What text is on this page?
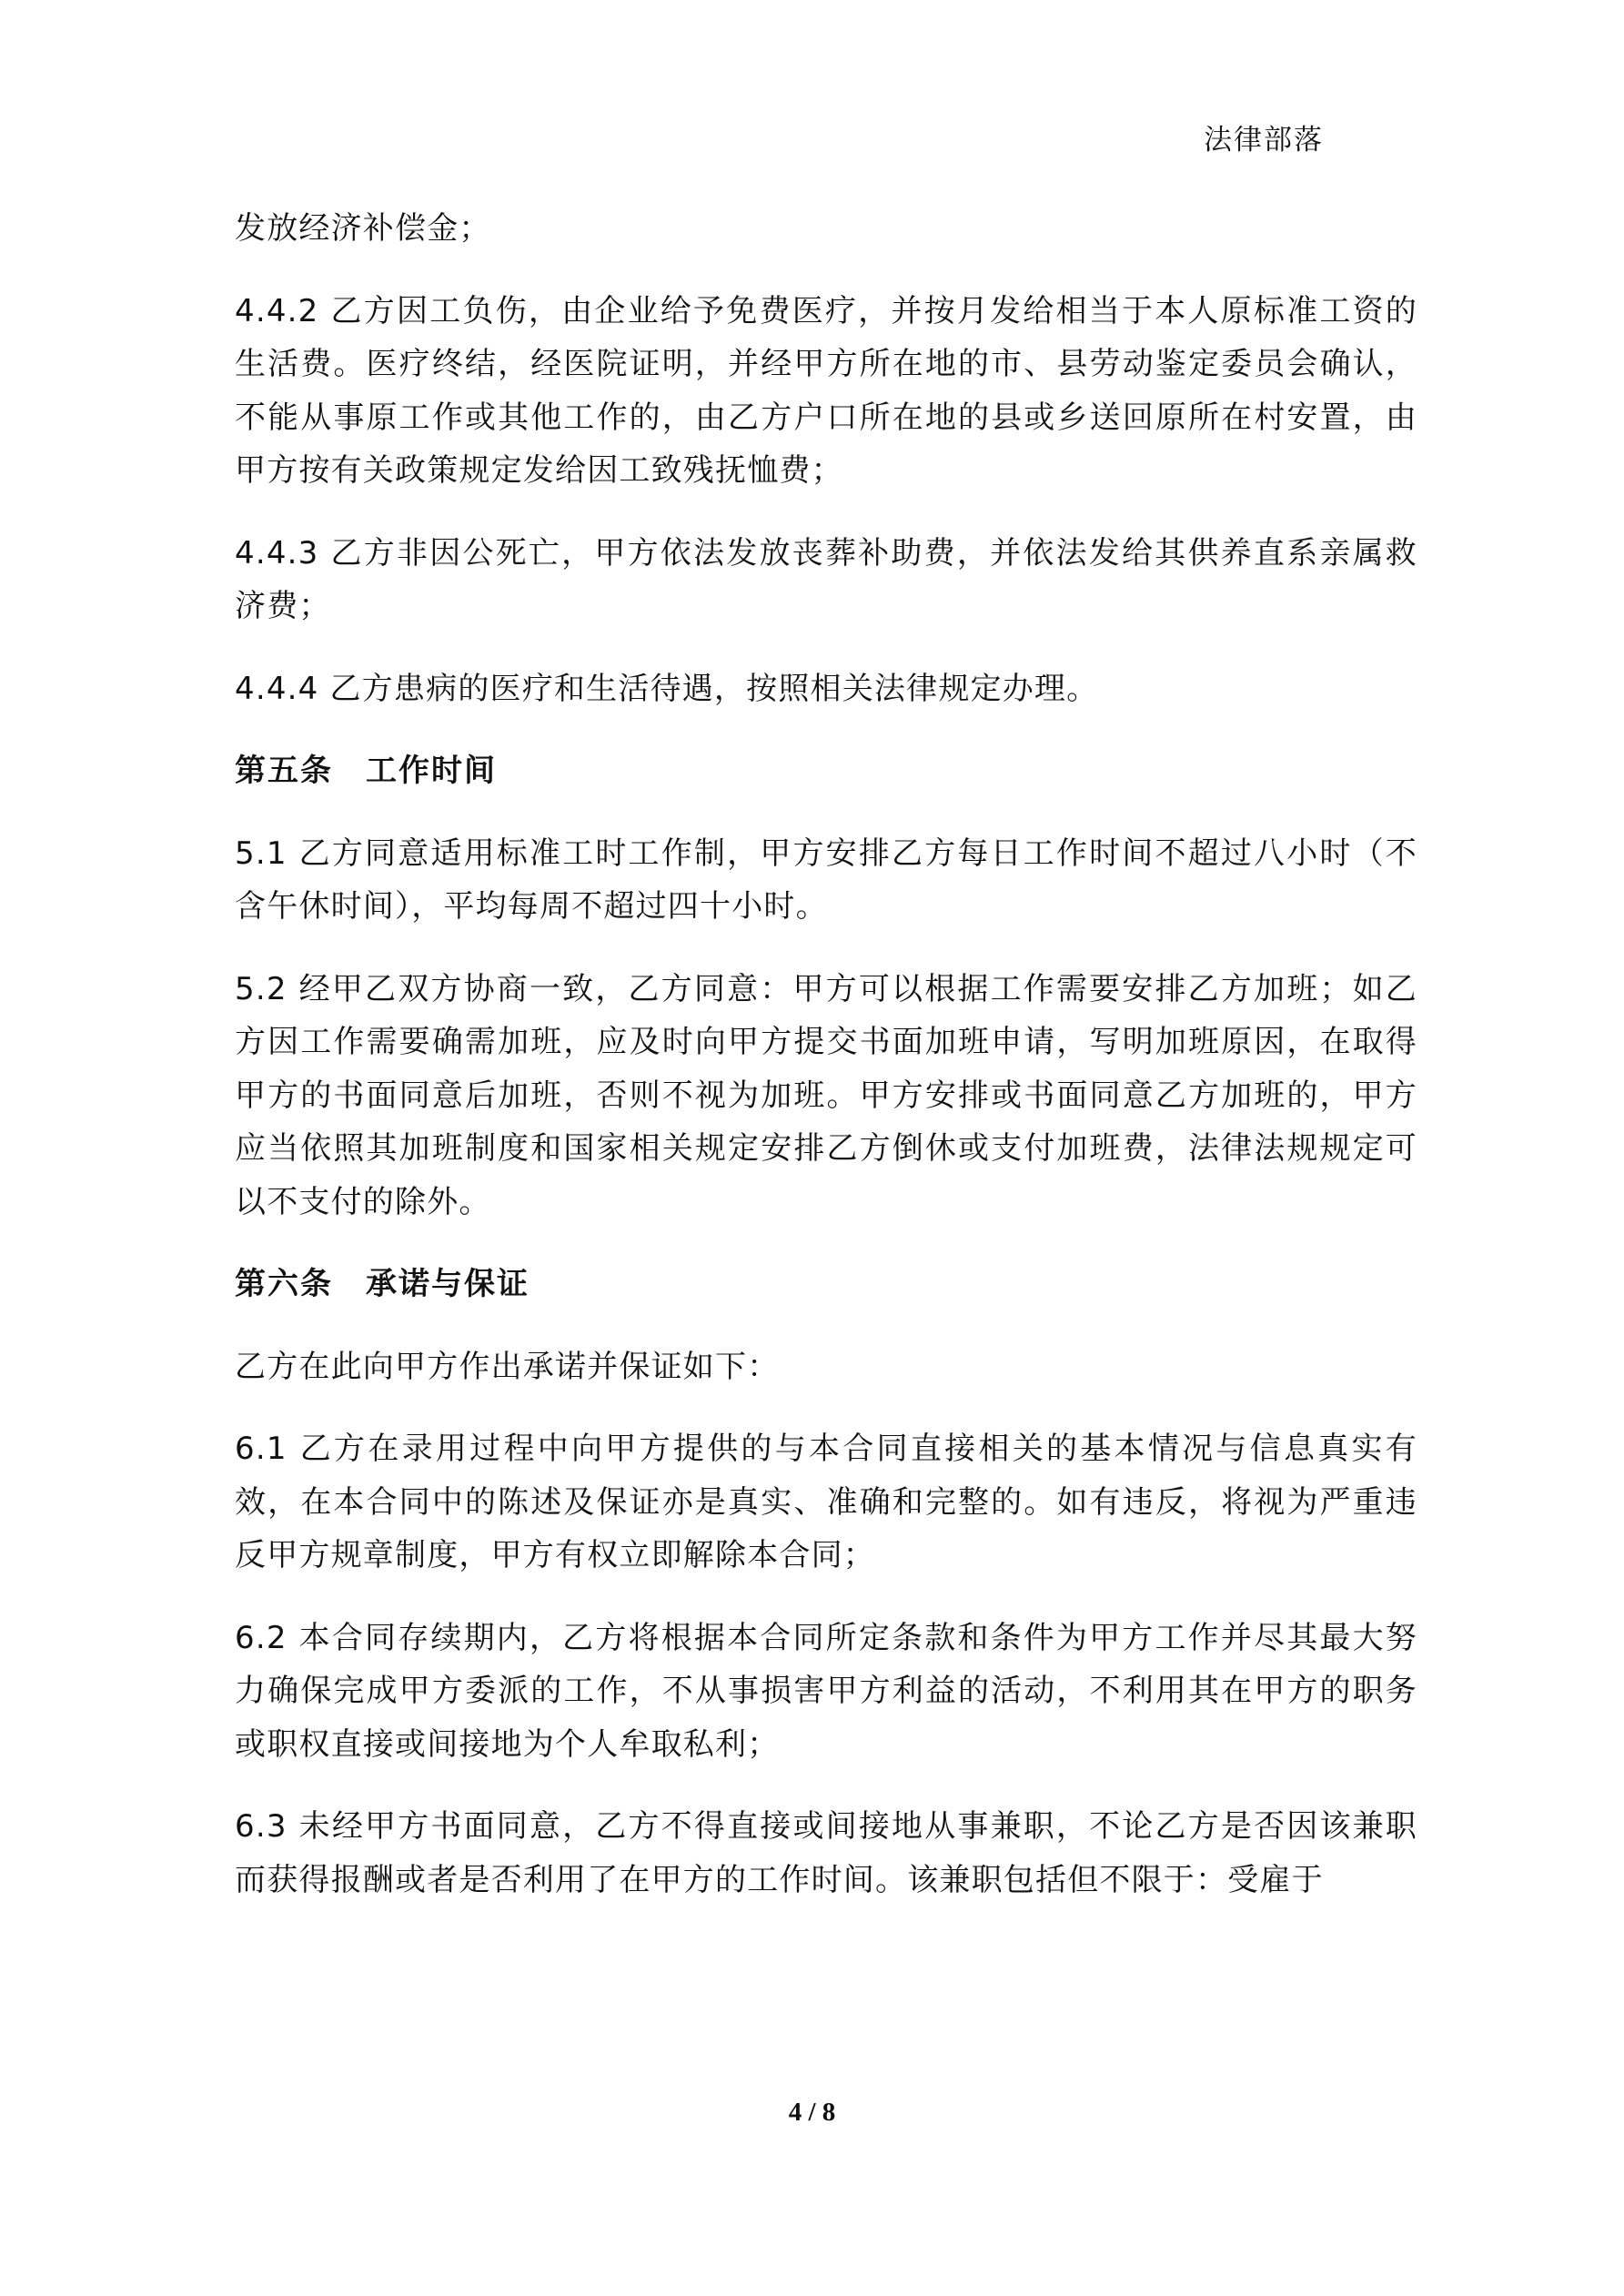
法律部落

发放经济补偿金；

4.4.2 乙方因工负伤，由企业给予免费医疗，并按月发给相当于本人原标准工资的生活费。医疗终结，经医院证明，并经甲方所在地的市、县劳动鉴定委员会确认，不能从事原工作或其他工作的，由乙方户口所在地的县或乡送回原所在村安置，由甲方按有关政策规定发给因工致残抚恤费；

4.4.3 乙方非因公死亡，甲方依法发放丧葬补助费，并依法发给其供养直系亲属救济费；

4.4.4 乙方患病的医疗和生活待遇，按照相关法律规定办理。

第五条　工作时间

5.1 乙方同意适用标准工时工作制，甲方安排乙方每日工作时间不超过八小时（不含午休时间），平均每周不超过四十小时。

5.2 经甲乙双方协商一致，乙方同意：甲方可以根据工作需要安排乙方加班；如乙方因工作需要确需加班，应及时向甲方提交书面加班申请，写明加班原因，在取得甲方的书面同意后加班，否则不视为加班。甲方安排或书面同意乙方加班的，甲方应当依照其加班制度和国家相关规定安排乙方倒休或支付加班费，法律法规规定可以不支付的除外。

第六条　承诺与保证

乙方在此向甲方作出承诺并保证如下：

6.1 乙方在录用过程中向甲方提供的与本合同直接相关的基本情况与信息真实有效，在本合同中的陈述及保证亦是真实、准确和完整的。如有违反，将视为严重违反甲方规章制度，甲方有权立即解除本合同；

6.2 本合同存续期内，乙方将根据本合同所定条款和条件为甲方工作并尽其最大努力确保完成甲方委派的工作，不从事损害甲方利益的活动，不利用其在甲方的职务或职权直接或间接地为个人牟取私利；

6.3 未经甲方书面同意，乙方不得直接或间接地从事兼职，不论乙方是否因该兼职而获得报酬或者是否利用了在甲方的工作时间。该兼职包括但不限于：受雇于

4 / 8
